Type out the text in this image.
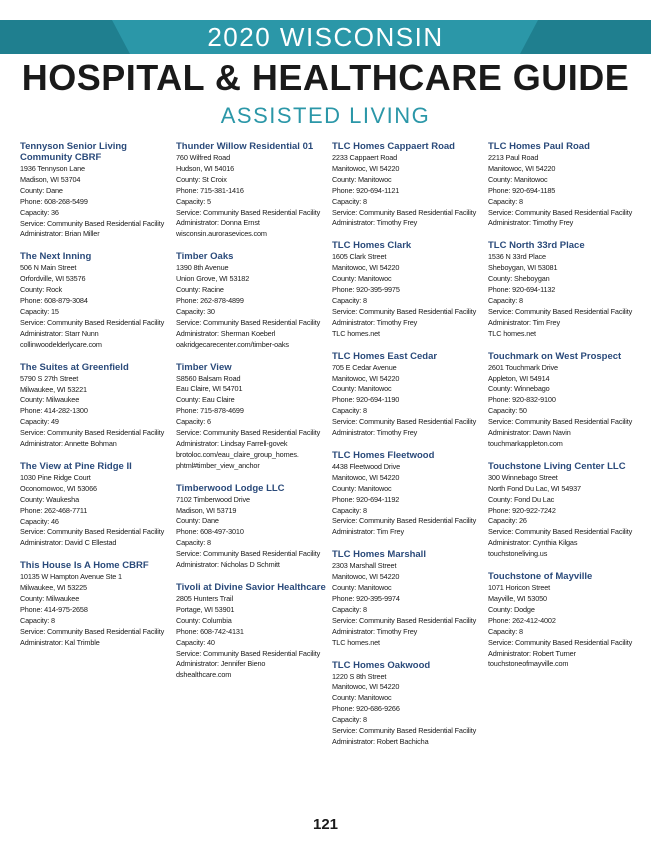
2020 WISCONSIN
HOSPITAL & HEALTHCARE GUIDE
ASSISTED LIVING
Tennyson Senior Living Community CBRF
1936 Tennyson Lane
Madison, WI 53704
County: Dane
Phone: 608-268-5499
Capacity: 36
Service: Community Based Residential Facility
Administrator: Brian Miller
The Next Inning
506 N Main Street
Orfordville, WI 53576
County: Rock
Phone: 608-879-3084
Capacity: 15
Service: Community Based Residential Facility
Administrator: Starr Nunn
collinwoodelderlycare.com
The Suites at Greenfield
5790 S 27th Street
Milwaukee, WI 53221
County: Milwaukee
Phone: 414-282-1300
Capacity: 49
Service: Community Based Residential Facility
Administrator: Annette Bohman
The View at Pine Ridge II
1030 Pine Ridge Court
Oconomowoc, WI 53066
County: Waukesha
Phone: 262-468-7711
Capacity: 46
Service: Community Based Residential Facility
Administrator: David C Ellestad
This House Is A Home CBRF
10135 W Hampton Avenue Ste 1
Milwaukee, WI 53225
County: Milwaukee
Phone: 414-975-2658
Capacity: 8
Service: Community Based Residential Facility
Administrator: Kal Trimble
Thunder Willow Residential 01
760 Wilfred Road
Hudson, WI 54016
County: St Croix
Phone: 715-381-1416
Capacity: 5
Service: Community Based Residential Facility
Administrator: Donna Ernst
wisconsin.aurorasevices.com
Timber Oaks
1390 8th Avenue
Union Grove, WI 53182
County: Racine
Phone: 262-878-4899
Capacity: 30
Service: Community Based Residential Facility
Administrator: Sherman Koeberl
oakridgecarecenter.com/timber-oaks
Timber View
S8560 Balsam Road
Eau Claire, WI 54701
County: Eau Claire
Phone: 715-878-4699
Capacity: 6
Service: Community Based Residential Facility
Administrator: Lindsay Farrell-govek
brotoloc.com/eau_claire_group_homes.
phtml#timber_view_anchor
Timberwood Lodge LLC
7102 Timberwood Drive
Madison, WI 53719
County: Dane
Phone: 608-497-3010
Capacity: 8
Service: Community Based Residential Facility
Administrator: Nicholas D Schmitt
Tivoli at Divine Savior Healthcare
2805 Hunters Trail
Portage, WI 53901
County: Columbia
Phone: 608-742-4131
Capacity: 40
Service: Community Based Residential Facility
Administrator: Jennifer Bieno
dshealthcare.com
TLC Homes Cappaert Road
2233 Cappaert Road
Manitowoc, WI 54220
County: Manitowoc
Phone: 920-694-1121
Capacity: 8
Service: Community Based Residential Facility
Administrator: Timothy Frey
TLC Homes Clark
1605 Clark Street
Manitowoc, WI 54220
County: Manitowoc
Phone: 920-395-9975
Capacity: 8
Service: Community Based Residential Facility
Administrator: Timothy Frey
TLC homes.net
TLC Homes East Cedar
705 E Cedar Avenue
Manitowoc, WI 54220
County: Manitowoc
Phone: 920-694-1190
Capacity: 8
Service: Community Based Residential Facility
Administrator: Timothy Frey
TLC Homes Fleetwood
4438 Fleetwood Drive
Manitowoc, WI 54220
County: Manitowoc
Phone: 920-694-1192
Capacity: 8
Service: Community Based Residential Facility
Administrator: Tim Frey
TLC Homes Marshall
2303 Marshall Street
Manitowoc, WI 54220
County: Manitowoc
Phone: 920-395-9974
Capacity: 8
Service: Community Based Residential Facility
Administrator: Timothy Frey
TLC homes.net
TLC Homes Oakwood
1220 S 8th Street
Manitowoc, WI 54220
County: Manitowoc
Phone: 920-686-9266
Capacity: 8
Service: Community Based Residential Facility
Administrator: Robert Bachicha
TLC Homes Paul Road
2213 Paul Road
Manitowoc, WI 54220
County: Manitowoc
Phone: 920-694-1185
Capacity: 8
Service: Community Based Residential Facility
Administrator: Timothy Frey
TLC North 33rd Place
1536 N 33rd Place
Sheboygan, WI 53081
County: Sheboygan
Phone: 920-694-1132
Capacity: 8
Service: Community Based Residential Facility
Administrator: Tim Frey
TLC homes.net
Touchmark on West Prospect
2601 Touchmark Drive
Appleton, WI 54914
County: Winnebago
Phone: 920-832-9100
Capacity: 50
Service: Community Based Residential Facility
Administrator: Dawn Navin
touchmarkappleton.com
Touchstone Living Center LLC
300 Winnebago Street
North Fond Du Lac, WI 54937
County: Fond Du Lac
Phone: 920-922-7242
Capacity: 26
Service: Community Based Residential Facility
Administrator: Cynthia Kilgas
touchstoneliving.us
Touchstone of Mayville
1071 Horicon Street
Mayville, WI 53050
County: Dodge
Phone: 262-412-4002
Capacity: 8
Service: Community Based Residential Facility
Administrator: Robert Turner
touchstoneofmayville.com
121
